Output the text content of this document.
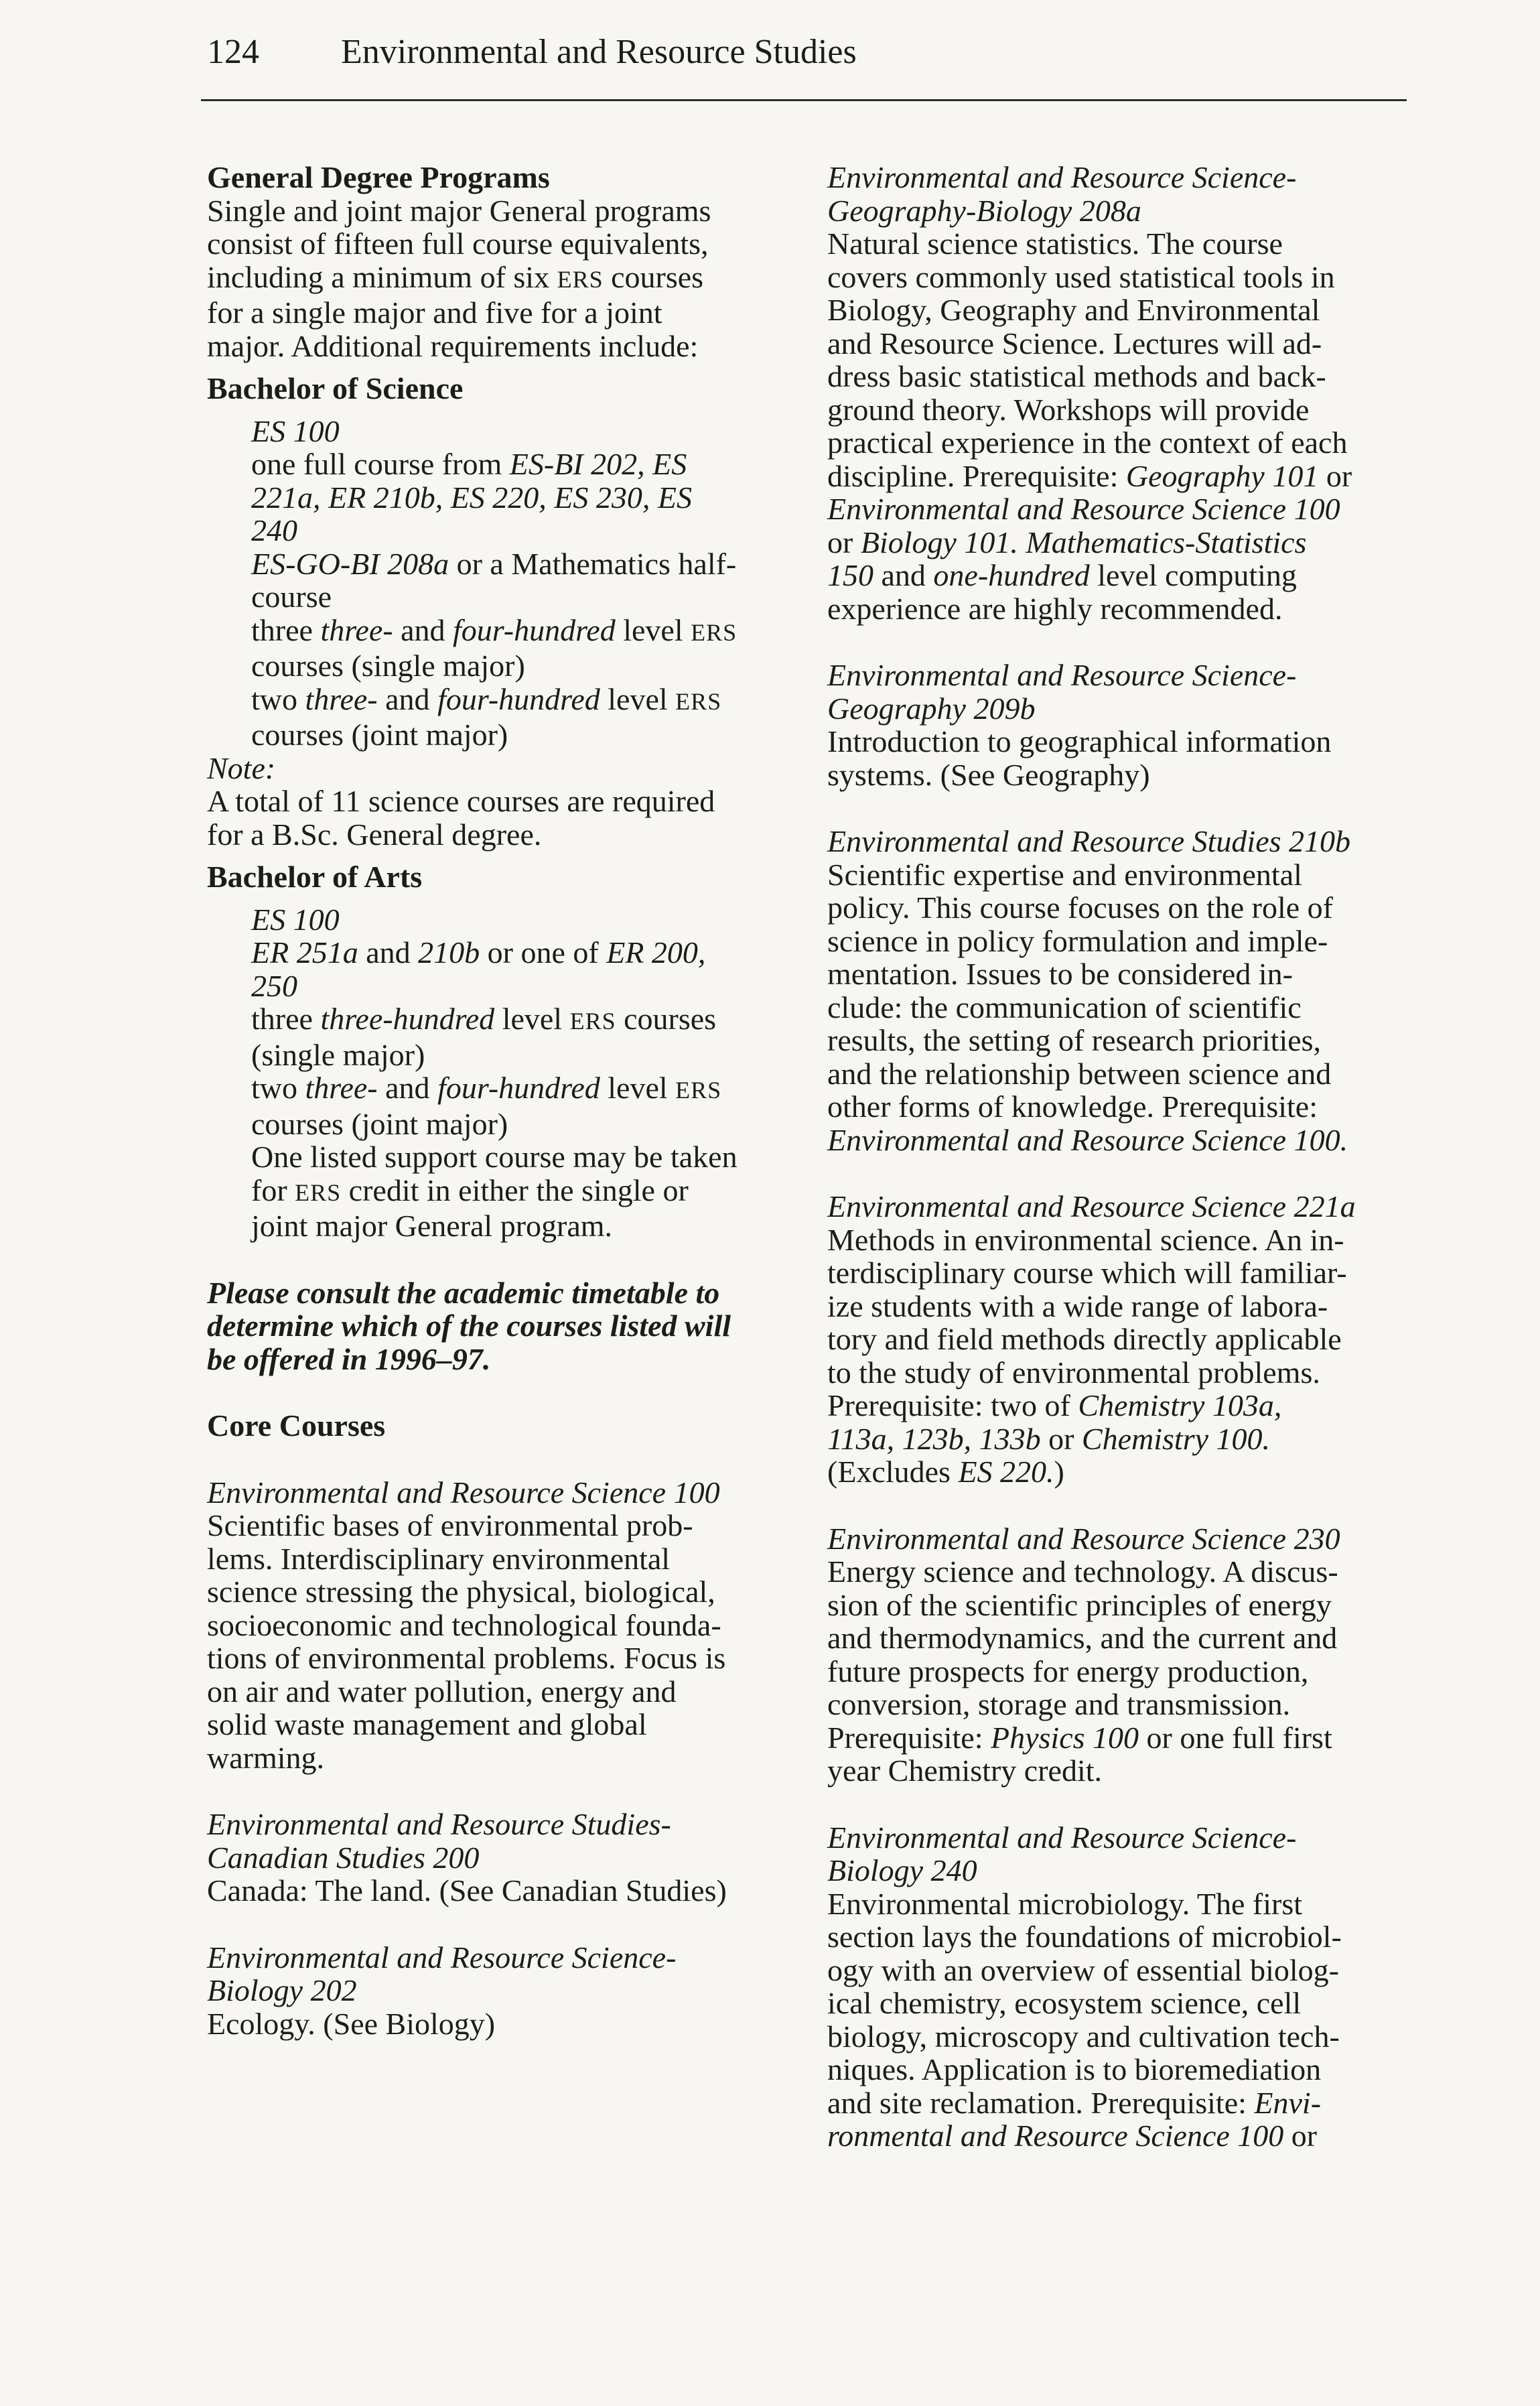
124 Environmental and Resource Studies
General Degree Programs
Single and joint major General programs
consist of fifteen full course equivalents,
including a minimum of six ERS courses
for a single major and five for a joint
major. Additional requirements include:
Bachelor of Science
ES 100
one full course from ES-BI 202, ES
221a, ER 210b, ES 220, ES 230, ES
240
ES-GO-BI 208a or a Mathematics half-
course
three three- and four-hundred level ERS
courses (single major)
two three- and four-hundred level ERS
courses (joint major)
Note:
A total of 11 science courses are required
for a B.Sc. General degree.
Bachelor of Arts
ES 100
ER 251a and 210b or one of ER 200,
250
three three-hundred level ERS courses
(single major)
two three- and four-hundred level ERS
courses (joint major)
One listed support course may be taken
for ERS credit in either the single or
joint major General program.
Please consult the academic timetable to
determine which of the courses listed will
be offered in 1996–97.
Core Courses
Environmental and Resource Science 100
Scientific bases of environmental prob-
lems. Interdisciplinary environmental
science stressing the physical, biological,
socioeconomic and technological founda-
tions of environmental problems. Focus is
on air and water pollution, energy and
solid waste management and global
warming.
Environmental and Resource Studies-
Canadian Studies 200
Canada: The land. (See Canadian Studies)
Environmental and Resource Science-
Biology 202
Ecology. (See Biology)
Environmental and Resource Science-
Geography-Biology 208a
Natural science statistics. The course
covers commonly used statistical tools in
Biology, Geography and Environmental
and Resource Science. Lectures will ad-
dress basic statistical methods and back-
ground theory. Workshops will provide
practical experience in the context of each
discipline. Prerequisite: Geography 101 or
Environmental and Resource Science 100
or Biology 101. Mathematics-Statistics
150 and one-hundred level computing
experience are highly recommended.
Environmental and Resource Science-
Geography 209b
Introduction to geographical information
systems. (See Geography)
Environmental and Resource Studies 210b
Scientific expertise and environmental
policy. This course focuses on the role of
science in policy formulation and imple-
mentation. Issues to be considered in-
clude: the communication of scientific
results, the setting of research priorities,
and the relationship between science and
other forms of knowledge. Prerequisite:
Environmental and Resource Science 100.
Environmental and Resource Science 221a
Methods in environmental science. An in-
terdisciplinary course which will familiar-
ize students with a wide range of labora-
tory and field methods directly applicable
to the study of environmental problems.
Prerequisite: two of Chemistry 103a,
113a, 123b, 133b or Chemistry 100.
(Excludes ES 220.)
Environmental and Resource Science 230
Energy science and technology. A discus-
sion of the scientific principles of energy
and thermodynamics, and the current and
future prospects for energy production,
conversion, storage and transmission.
Prerequisite: Physics 100 or one full first
year Chemistry credit.
Environmental and Resource Science-
Biology 240
Environmental microbiology. The first
section lays the foundations of microbiol-
ogy with an overview of essential biolog-
ical chemistry, ecosystem science, cell
biology, microscopy and cultivation tech-
niques. Application is to bioremediation
and site reclamation. Prerequisite: Envi-
ronmental and Resource Science 100 or
